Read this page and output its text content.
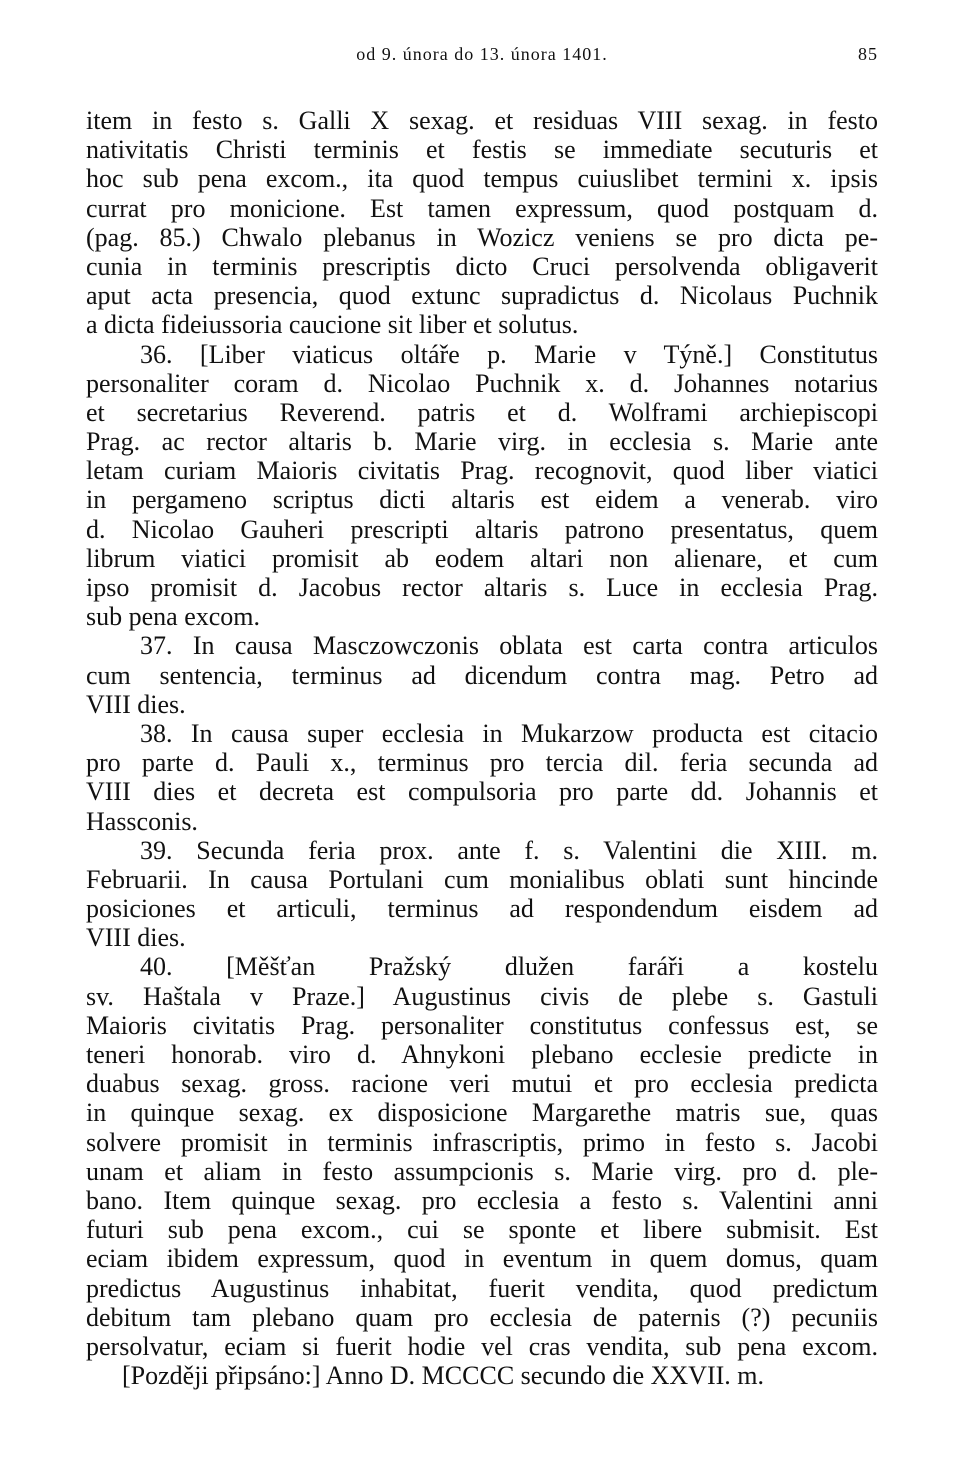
od 9. února do 13. února 1401.	85
item in festo s. Galli X sexag. et residuas VIII sexag. in festo
nativitatis Christi terminis et festis se immediate secuturis et
hoc sub pena excom., ita quod tempus cuiuslibet termini x. ipsis
currat pro monicione. Est tamen expressum, quod postquam d.
(pag. 85.) Chwalo plebanus in Wozicz veniens se pro dicta pe-
cunia in terminis prescriptis dicto Cruci persolvenda obligaverit
aput acta presencia, quod extunc supradictus d. Nicolaus Puchnik
a dicta fideiussoria caucione sit liber et solutus.
36. [Liber viaticus oltáře p. Marie v Týně.] Constitutus
personaliter coram d. Nicolao Puchnik x. d. Johannes notarius
et secretarius Reverend. patris et d. Wolframi archiepiscopi
Prag. ac rector altaris b. Marie virg. in ecclesia s. Marie ante
letam curiam Maioris civitatis Prag. recognovit, quod liber viatici
in pergameno scriptus dicti altaris est eidem a venerab. viro
d. Nicolao Gauheri prescripti altaris patrono presentatus, quem
librum viatici promisit ab eodem altari non alienare, et cum
ipso promisit d. Jacobus rector altaris s. Luce in ecclesia Prag.
sub pena excom.
37. In causa Masczowczonis oblata est carta contra articulos
cum sentencia, terminus ad dicendum contra mag. Petro ad
VIII dies.
38. In causa super ecclesia in Mukarzow producta est citacio
pro parte d. Pauli x., terminus pro tercia dil. feria secunda ad
VIII dies et decreta est compulsoria pro parte dd. Johannis et
Hassconis.
39. Secunda feria prox. ante f. s. Valentini die XIII. m.
Februarii. In causa Portulani cum monialibus oblati sunt hincinde
posiciones et articuli, terminus ad respondendum eisdem ad
VIII dies.
40. [Měšťan Pražský dlužen faráři a kostelu
sv. Haštala v Praze.] Augustinus civis de plebe s. Gastuli
Maioris civitatis Prag. personaliter constitutus confessus est, se
teneri honorab. viro d. Ahnykoni plebano ecclesie predicte in
duabus sexag. gross. racione veri mutui et pro ecclesia predicta
in quinque sexag. ex disposicione Margarethe matris sue, quas
solvere promisit in terminis infrascriptis, primo in festo s. Jacobi
unam et aliam in festo assumpcionis s. Marie virg. pro d. ple-
bano. Item quinque sexag. pro ecclesia a festo s. Valentini anni
futuri sub pena excom., cui se sponte et libere submisit. Est
eciam ibidem expressum, quod in eventum in quem domus, quam
predictus Augustinus inhabitat, fuerit vendita, quod predictum
debitum tam plebano quam pro ecclesia de paternis (?) pecuniis
persolvatur, eciam si fuerit hodie vel cras vendita, sub pena excom.
[Později připsáno:] Anno D. MCCCC secundo die XXVII. m.
